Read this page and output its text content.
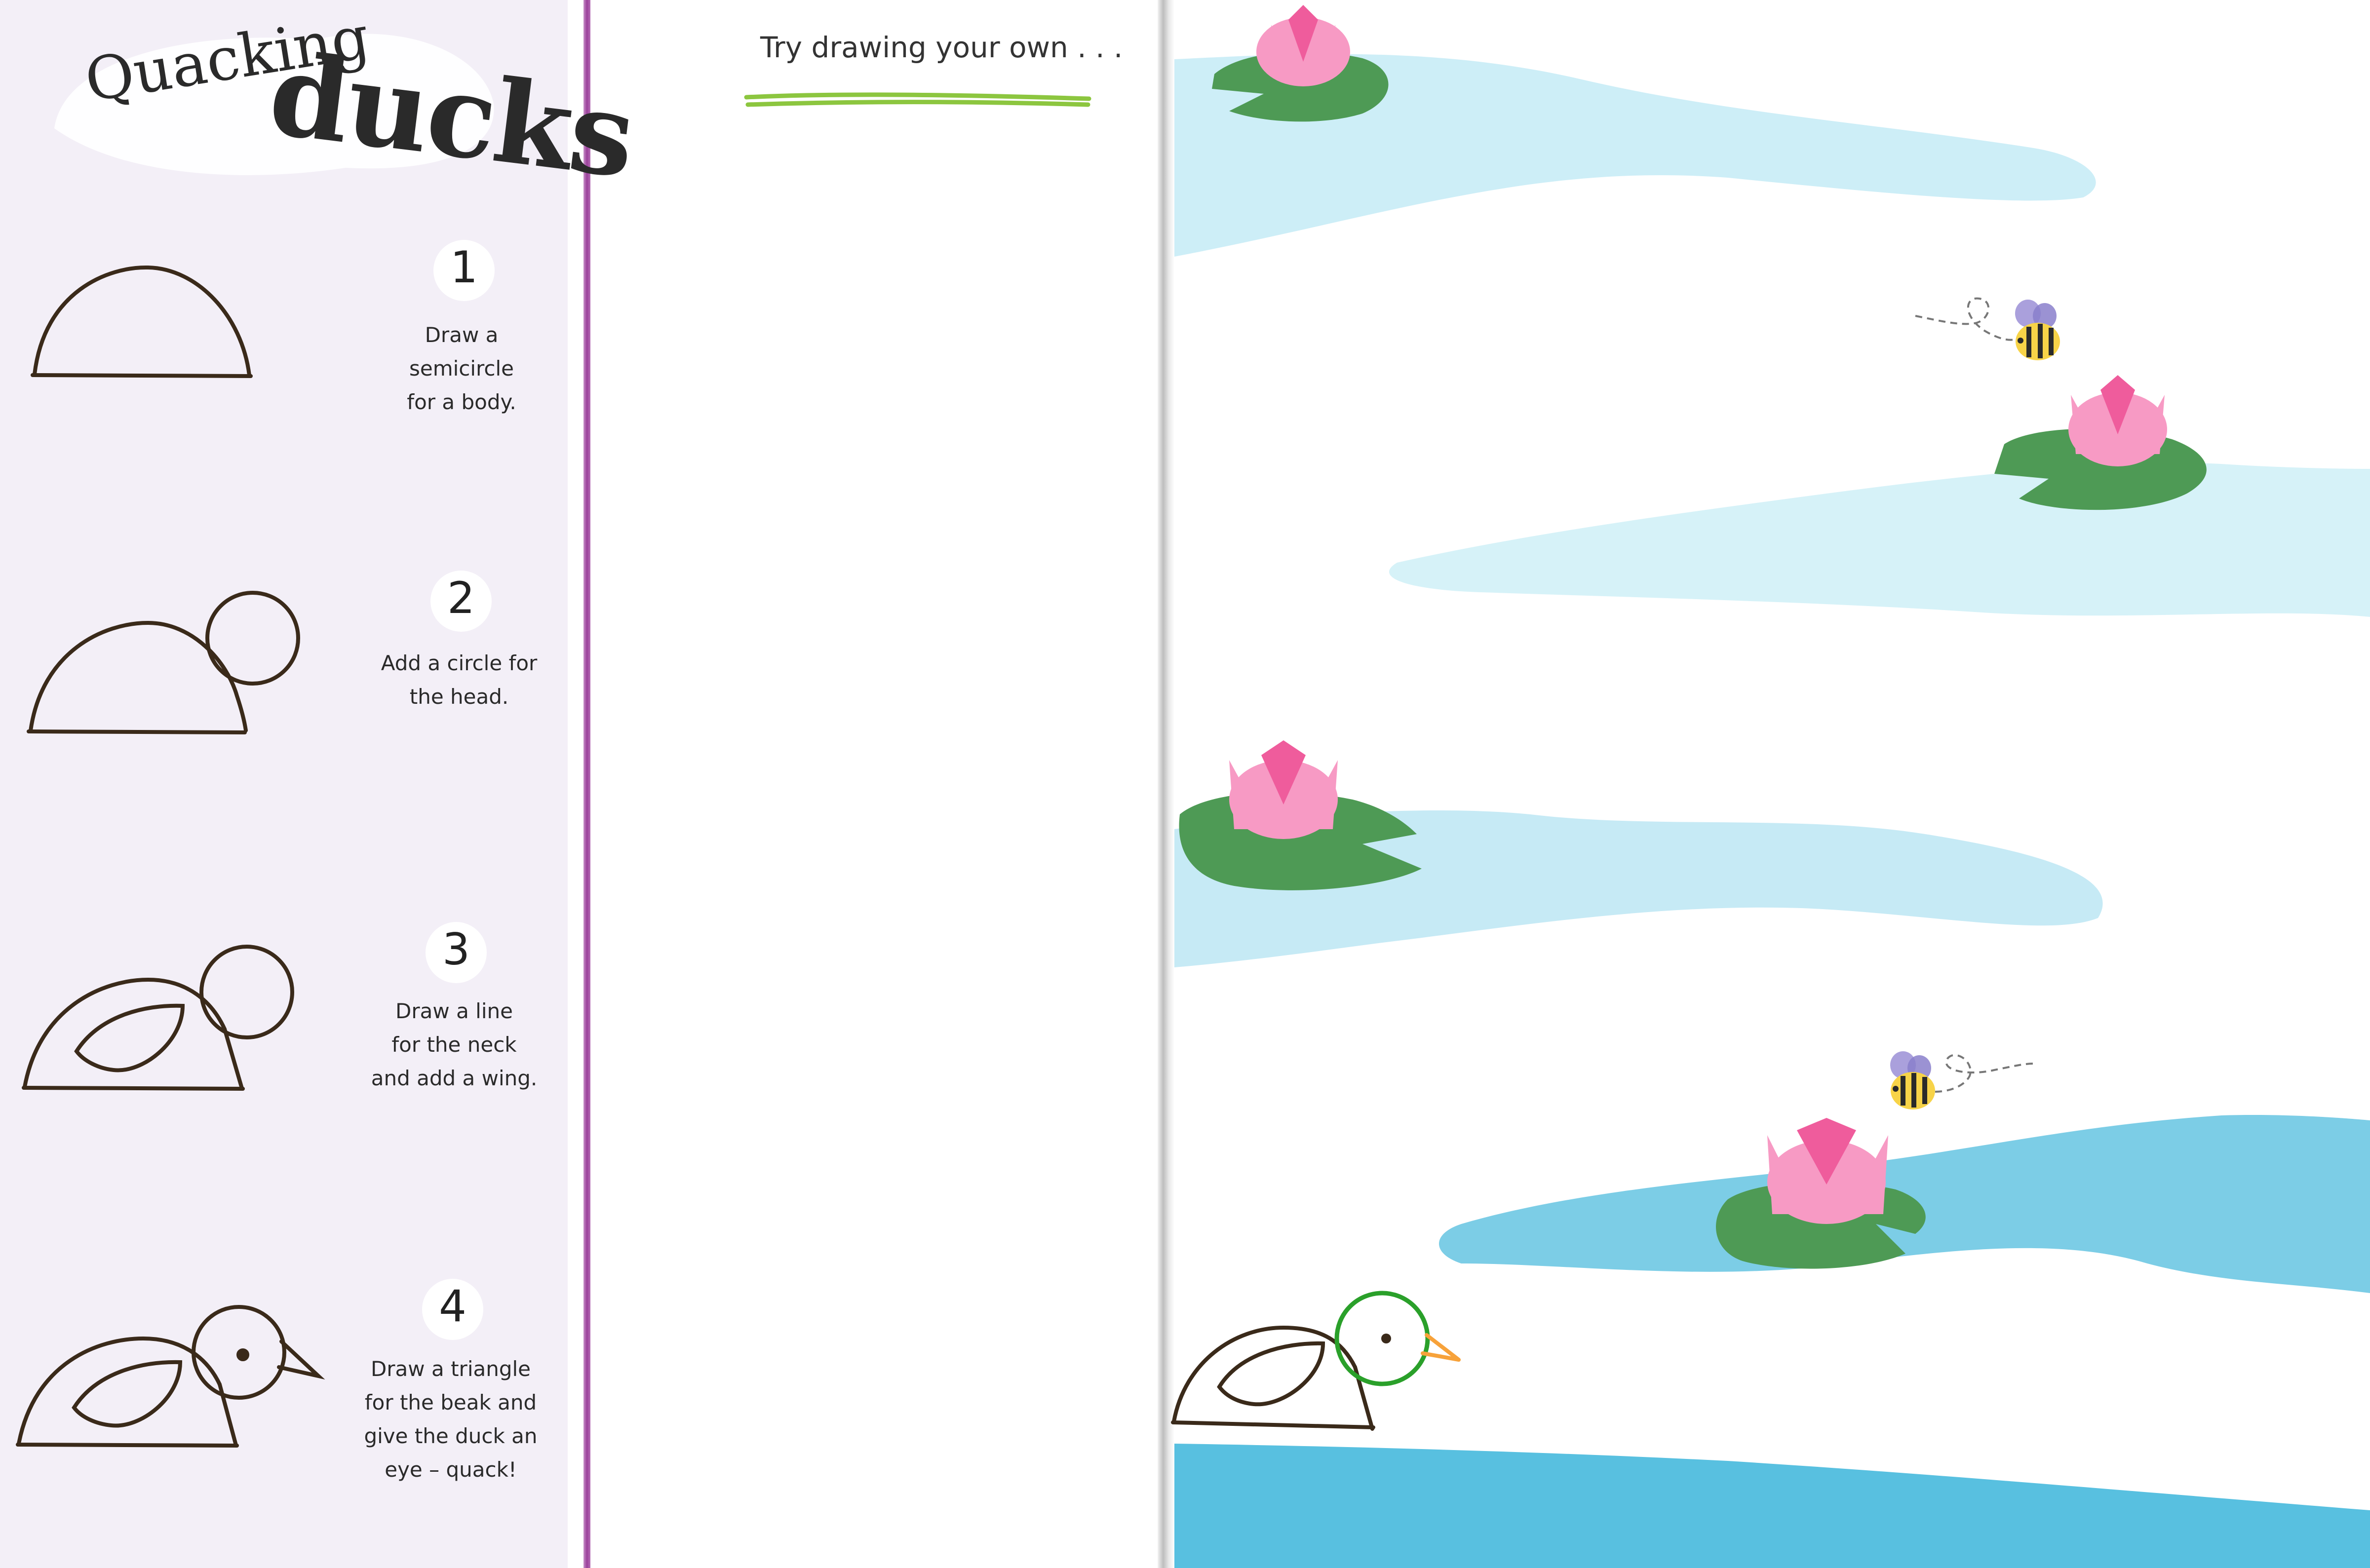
Quacking
ducks
1
Draw a semicircle
for a body.
2
Add a circle for
the head.
3
Draw a line
for the neck
and add a wing.
4
Draw a triangle
for the beak and
give the duck an
eye – quack!
Try drawing your own . . .
